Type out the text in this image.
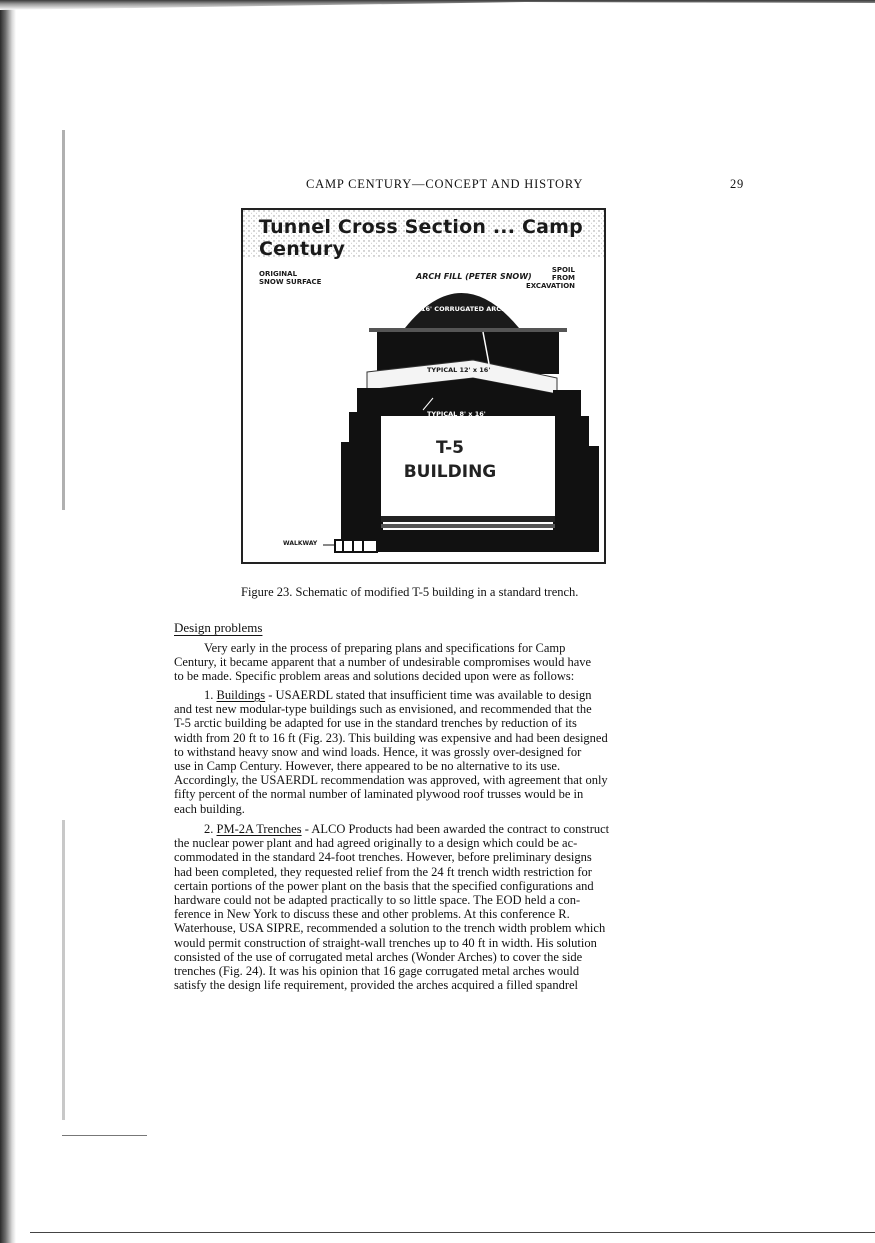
CAMP CENTURY—CONCEPT AND HISTORY	29
Tunnel Cross Section ... Camp Century
ORIGINAL
SNOW SURFACE
ARCH FILL (PETER SNOW)
SPOIL
FROM
EXCAVATION
16' CORRUGATED ARCH
TYPICAL 12' x 16'
TYPICAL 8' x 16'
WALKWAY
T-5
BUILDING
Figure 23. Schematic of modified T-5 building in a standard trench.
Design problems
Very early in the process of preparing plans and specifications for Camp
Century, it became apparent that a number of undesirable compromises would have
to be made. Specific problem areas and solutions decided upon were as follows:
1. Buildings - USAERDL stated that insufficient time was available to design
and test new modular-type buildings such as envisioned, and recommended that the
T-5 arctic building be adapted for use in the standard trenches by reduction of its
width from 20 ft to 16 ft (Fig. 23). This building was expensive and had been designed
to withstand heavy snow and wind loads. Hence, it was grossly over-designed for
use in Camp Century. However, there appeared to be no alternative to its use.
Accordingly, the USAERDL recommendation was approved, with agreement that only
fifty percent of the normal number of laminated plywood roof trusses would be in
each building.
2. PM-2A Trenches - ALCO Products had been awarded the contract to construct
the nuclear power plant and had agreed originally to a design which could be ac-
commodated in the standard 24-foot trenches. However, before preliminary designs
had been completed, they requested relief from the 24 ft trench width restriction for
certain portions of the power plant on the basis that the specified configurations and
hardware could not be adapted practically to so little space. The EOD held a con-
ference in New York to discuss these and other problems. At this conference R.
Waterhouse, USA SIPRE, recommended a solution to the trench width problem which
would permit construction of straight-wall trenches up to 40 ft in width. His solution
consisted of the use of corrugated metal arches (Wonder Arches) to cover the side
trenches (Fig. 24). It was his opinion that 16 gage corrugated metal arches would
satisfy the design life requirement, provided the arches acquired a filled spandrel
